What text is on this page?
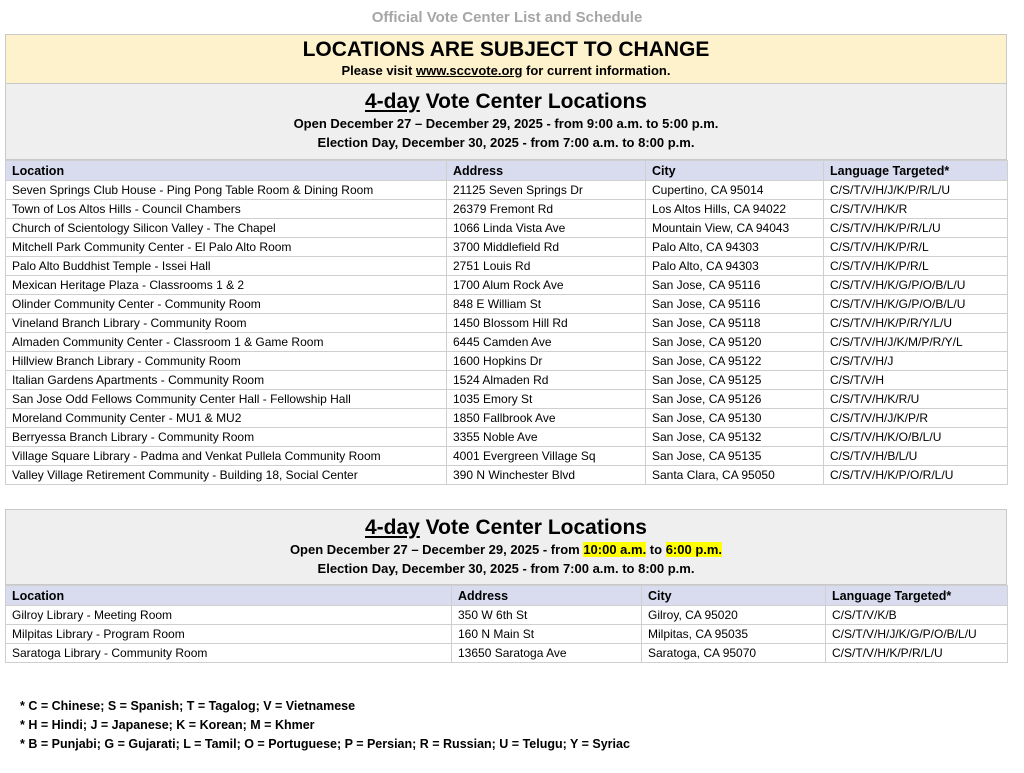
Official Vote Center List and Schedule
LOCATIONS ARE SUBJECT TO CHANGE
Please visit www.sccvote.org for current information.
4-day Vote Center Locations
Open December 27 – December 29, 2025 - from 9:00 a.m. to 5:00 p.m.
Election Day, December 30, 2025 - from 7:00 a.m. to 8:00 p.m.
Location	Address	City	Language Targeted*
Seven Springs Club House - Ping Pong Table Room & Dining Room	21125 Seven Springs Dr	Cupertino, CA 95014	C/S/T/V/H/J/K/P/R/L/U
Town of Los Altos Hills - Council Chambers	26379 Fremont Rd	Los Altos Hills, CA 94022	C/S/T/V/H/K/R
Church of Scientology Silicon Valley - The Chapel	1066 Linda Vista Ave	Mountain View, CA 94043	C/S/T/V/H/K/P/R/L/U
Mitchell Park Community Center - El Palo Alto Room	3700 Middlefield Rd	Palo Alto, CA 94303	C/S/T/V/H/K/P/R/L
Palo Alto Buddhist Temple - Issei Hall	2751 Louis Rd	Palo Alto, CA 94303	C/S/T/V/H/K/P/R/L
Mexican Heritage Plaza - Classrooms 1 & 2	1700 Alum Rock Ave	San Jose, CA 95116	C/S/T/V/H/K/G/P/O/B/L/U
Olinder Community Center - Community Room	848 E William St	San Jose, CA 95116	C/S/T/V/H/K/G/P/O/B/L/U
Vineland Branch Library - Community Room	1450 Blossom Hill Rd	San Jose, CA 95118	C/S/T/V/H/K/P/R/Y/L/U
Almaden Community Center - Classroom 1 & Game Room	6445 Camden Ave	San Jose, CA 95120	C/S/T/V/H/J/K/M/P/R/Y/L
Hillview Branch Library - Community Room	1600 Hopkins Dr	San Jose, CA 95122	C/S/T/V/H/J
Italian Gardens Apartments - Community Room	1524 Almaden Rd	San Jose, CA 95125	C/S/T/V/H
San Jose Odd Fellows Community Center Hall - Fellowship Hall	1035 Emory St	San Jose, CA 95126	C/S/T/V/H/K/R/U
Moreland Community Center - MU1 & MU2	1850 Fallbrook Ave	San Jose, CA 95130	C/S/T/V/H/J/K/P/R
Berryessa Branch Library - Community Room	3355 Noble Ave	San Jose, CA 95132	C/S/T/V/H/K/O/B/L/U
Village Square Library - Padma and Venkat Pullela Community Room	4001 Evergreen Village Sq	San Jose, CA 95135	C/S/T/V/H/B/L/U
Valley Village Retirement Community - Building 18, Social Center	390 N Winchester Blvd	Santa Clara, CA 95050	C/S/T/V/H/K/P/O/R/L/U
4-day Vote Center Locations
Open December 27 – December 29, 2025 - from 10:00 a.m. to 6:00 p.m.
Election Day, December 30, 2025 - from 7:00 a.m. to 8:00 p.m.
Location	Address	City	Language Targeted*
Gilroy Library - Meeting Room	350 W 6th St	Gilroy, CA 95020	C/S/T/V/K/B
Milpitas Library - Program Room	160 N Main St	Milpitas, CA 95035	C/S/T/V/H/J/K/G/P/O/B/L/U
Saratoga Library - Community Room	13650 Saratoga Ave	Saratoga, CA 95070	C/S/T/V/H/K/P/R/L/U
* C = Chinese; S = Spanish; T = Tagalog; V = Vietnamese
* H = Hindi; J = Japanese; K = Korean; M = Khmer
* B = Punjabi; G = Gujarati; L = Tamil; O = Portuguese; P = Persian; R = Russian; U = Telugu; Y = Syriac
